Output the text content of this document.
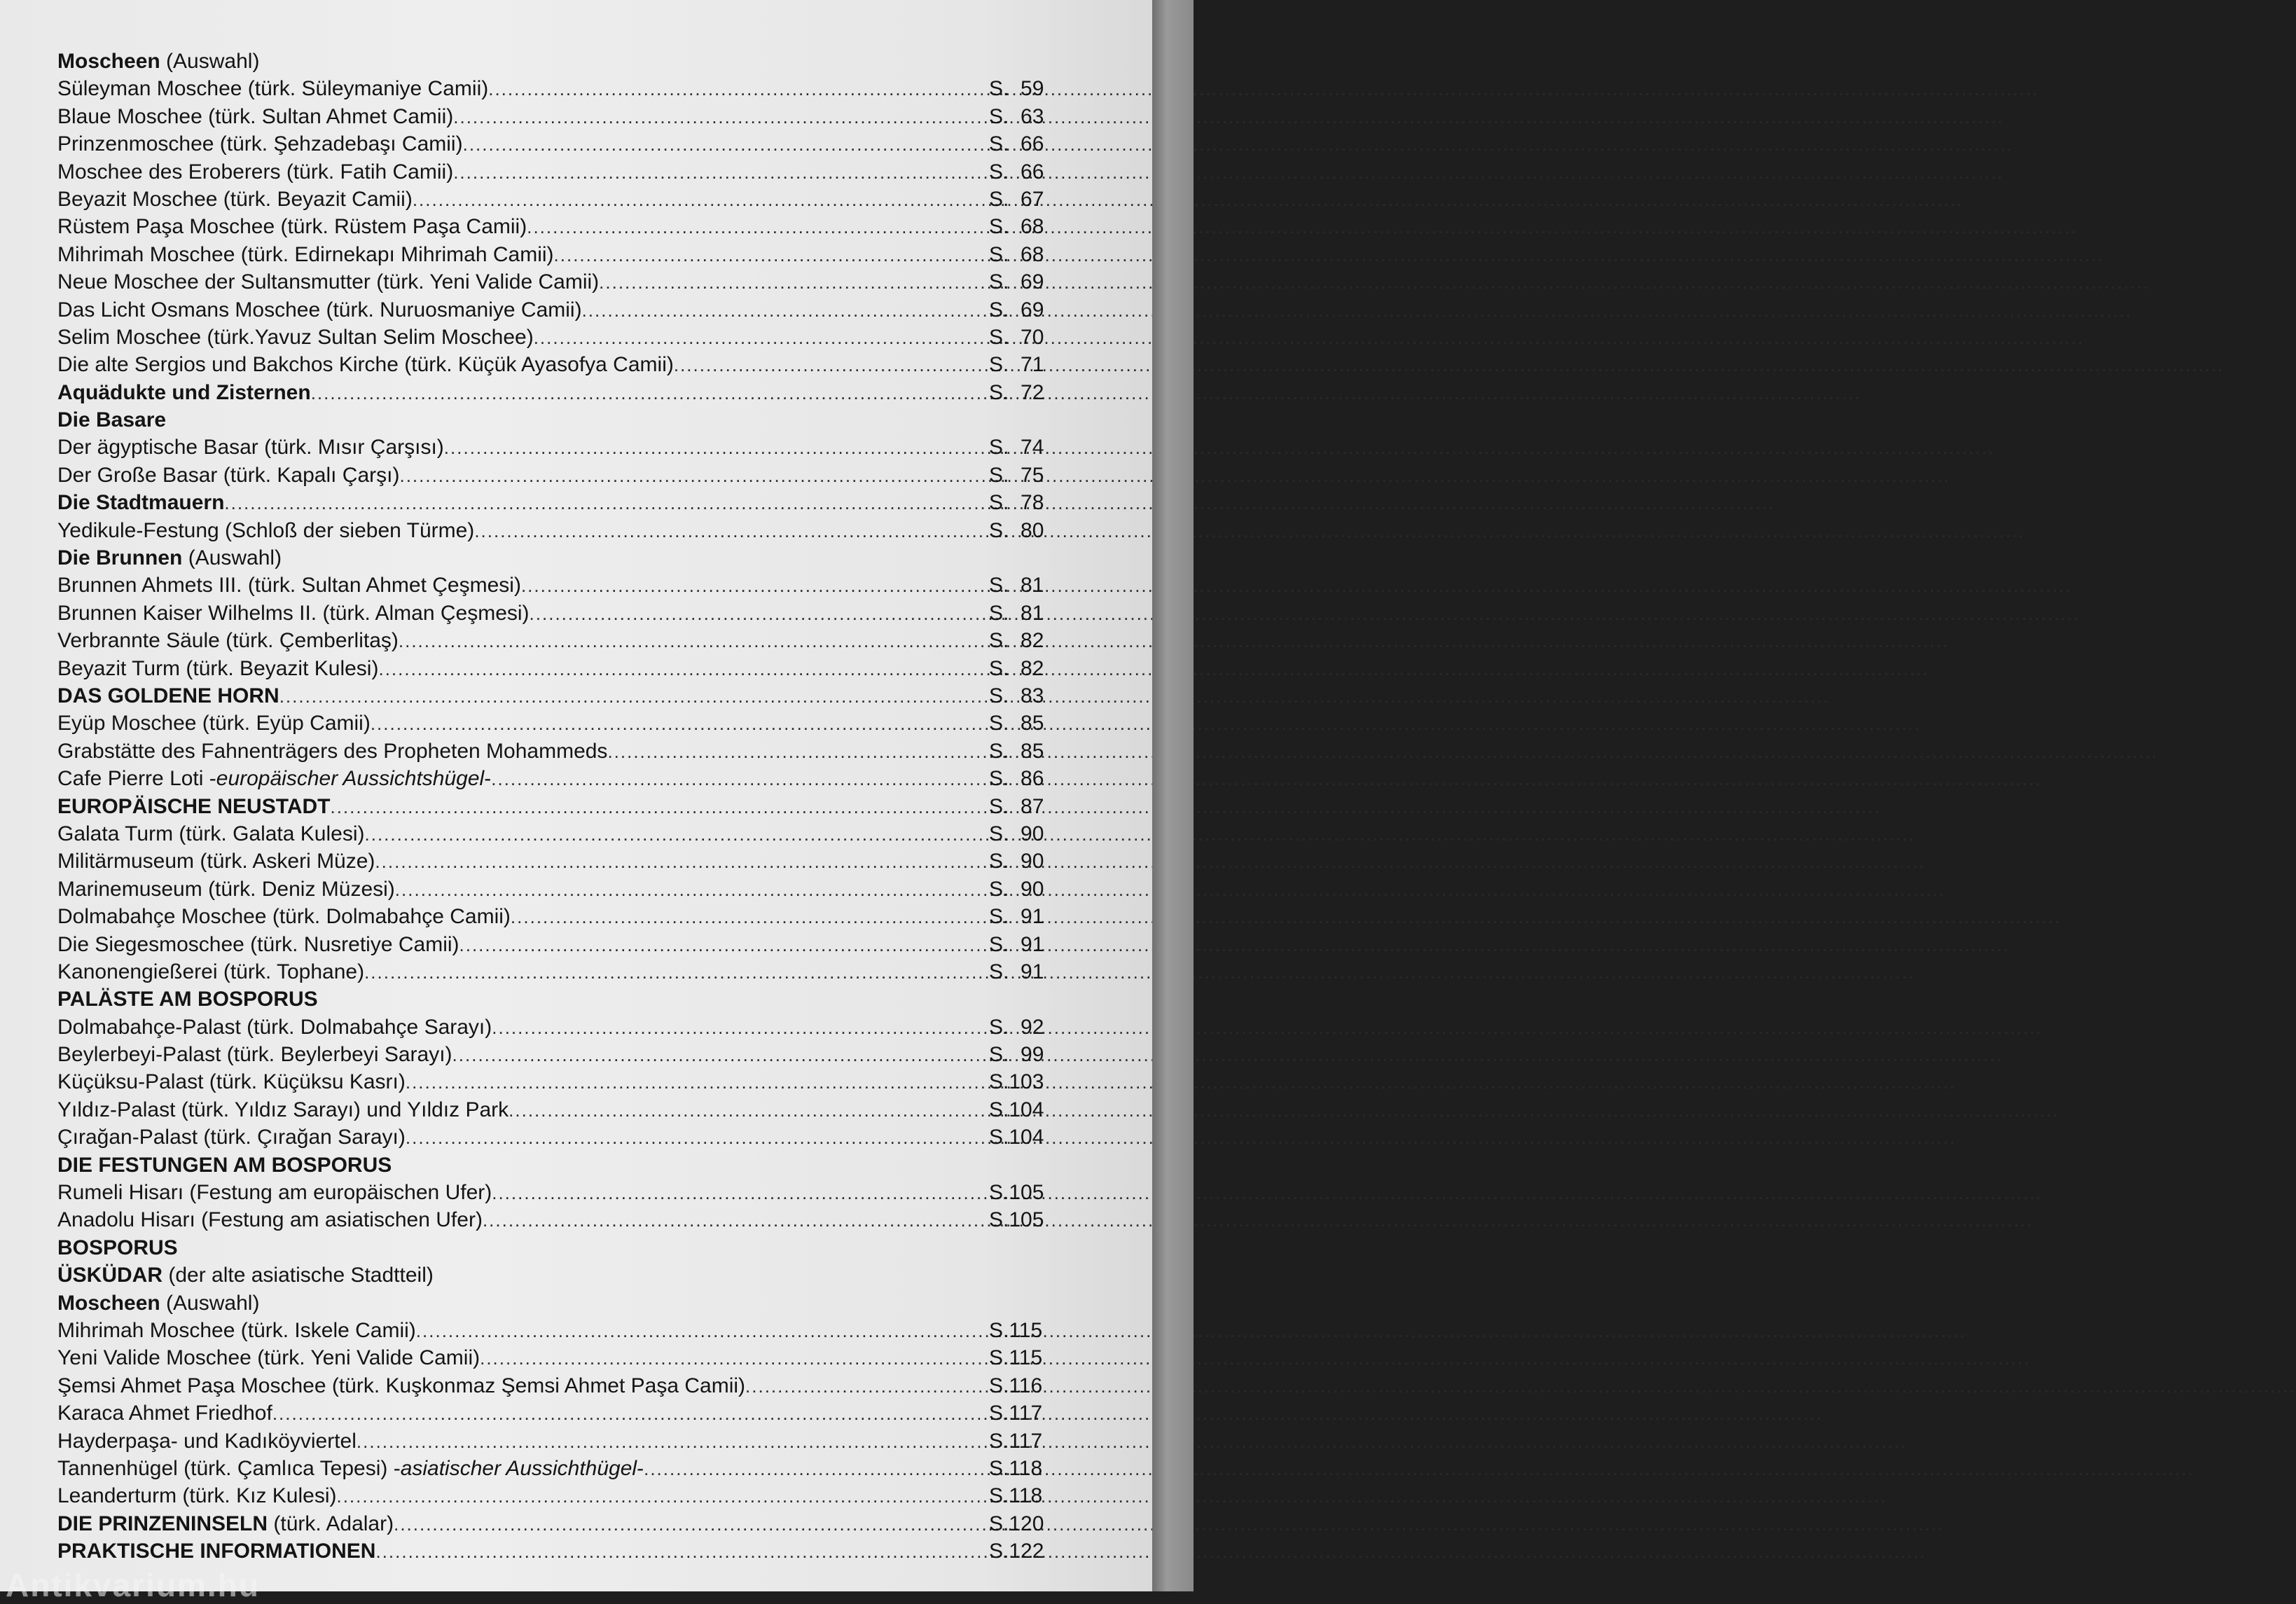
Moscheen (Auswahl)
Süleyman Moschee (türk. Süleymaniye Camii) .....	S.  59
Blaue Moschee (türk. Sultan Ahmet Camii) .....	S.  63
Prinzenmoschee (türk. Şehzadebaşı Camii) .....	S.  66
Moschee des Eroberers (türk. Fatih Camii) .....	S.  66
Beyazit Moschee (türk. Beyazit Camii) .....	S.  67
Rüstem Paşa Moschee (türk. Rüstem Paşa Camii) .....	S.  68
Mihrimah Moschee (türk. Edirnekapı Mihrimah Camii) .....	S.  68
Neue Moschee der Sultansmutter (türk. Yeni Valide Camii) .....	S.  69
Das Licht Osmans Moschee (türk. Nuruosmaniye Camii) .....	S.  69
Selim Moschee (türk.Yavuz Sultan Selim Moschee) .....	S.  70
Die alte Sergios und Bakchos Kirche (türk. Küçük Ayasofya Camii) .....	S.  71
Aquädukte und Zisternen .....	S.  72
Die Basare
Der ägyptische Basar (türk. Mısır Çarşısı) .....	S.  74
Der Große Basar (türk. Kapalı Çarşı) .....	S.  75
Die Stadtmauern .....	S.  78
Yedikule-Festung (Schloß der sieben Türme) .....	S.  80
Die Brunnen (Auswahl)
Brunnen Ahmets III. (türk. Sultan Ahmet Çeşmesi) .....	S.  81
Brunnen Kaiser Wilhelms II. (türk. Alman Çeşmesi) .....	S.  81
Verbrannte Säule (türk. Çemberlitaş) .....	S.  82
Beyazit Turm (türk. Beyazit Kulesi) .....	S.  82
DAS GOLDENE HORN .....	S.  83
Eyüp Moschee (türk. Eyüp Camii) .....	S.  85
Grabstätte des Fahnenträgers des Propheten Mohammeds .....	S.  85
Cafe Pierre Loti -europäischer Aussichtshügel- .....	S.  86
EUROPÄISCHE NEUSTADT .....	S.  87
Galata Turm (türk. Galata Kulesi) .....	S.  90
Militärmuseum (türk. Askeri Müze) .....	S.  90
Marinemuseum (türk. Deniz Müzesi) .....	S.  90
Dolmabahçe Moschee (türk. Dolmabahçe Camii) .....	S.  91
Die Siegesmoschee (türk. Nusretiye Camii) .....	S.  91
Kanonengießerei (türk. Tophane) .....	S.  91
PALÄSTE AM BOSPORUS
Dolmabahçe-Palast (türk. Dolmabahçe Sarayı) .....	S.  92
Beylerbeyi-Palast (türk. Beylerbeyi Sarayı) .....	S.  99
Küçüksu-Palast (türk. Küçüksu Kasrı) .....	S.103
Yıldız-Palast (türk. Yıldız Sarayı) und Yıldız Park .....	S.104
Çırağan-Palast (türk. Çırağan Sarayı) .....	S.104
DIE FESTUNGEN AM BOSPORUS
Rumeli Hisarı (Festung am europäischen Ufer) .....	S.105
Anadolu Hisarı (Festung am asiatischen Ufer) .....	S.105
BOSPORUS
ÜSKÜDAR (der alte asiatische Stadtteil)
Moscheen (Auswahl)
Mihrimah Moschee (türk. Iskele Camii) .....	S.115
Yeni Valide Moschee (türk. Yeni Valide Camii) .....	S.115
Şemsi Ahmet Paşa Moschee (türk. Kuşkonmaz Şemsi Ahmet Paşa Camii) .....	S.116
Karaca Ahmet Friedhof .....	S.117
Hayderpaşa- und Kadıköyviertel .....	S.117
Tannenhügel (türk. Çamlıca Tepesi) -asiatischer Aussichthügel- .....	S.118
Leanderturm (türk. Kız Kulesi) .....	S.118
DIE PRINZENINSELN (türk. Adalar) .....	S.120
PRAKTISCHE INFORMATIONEN .....	S.122
Antikvarium.hu
